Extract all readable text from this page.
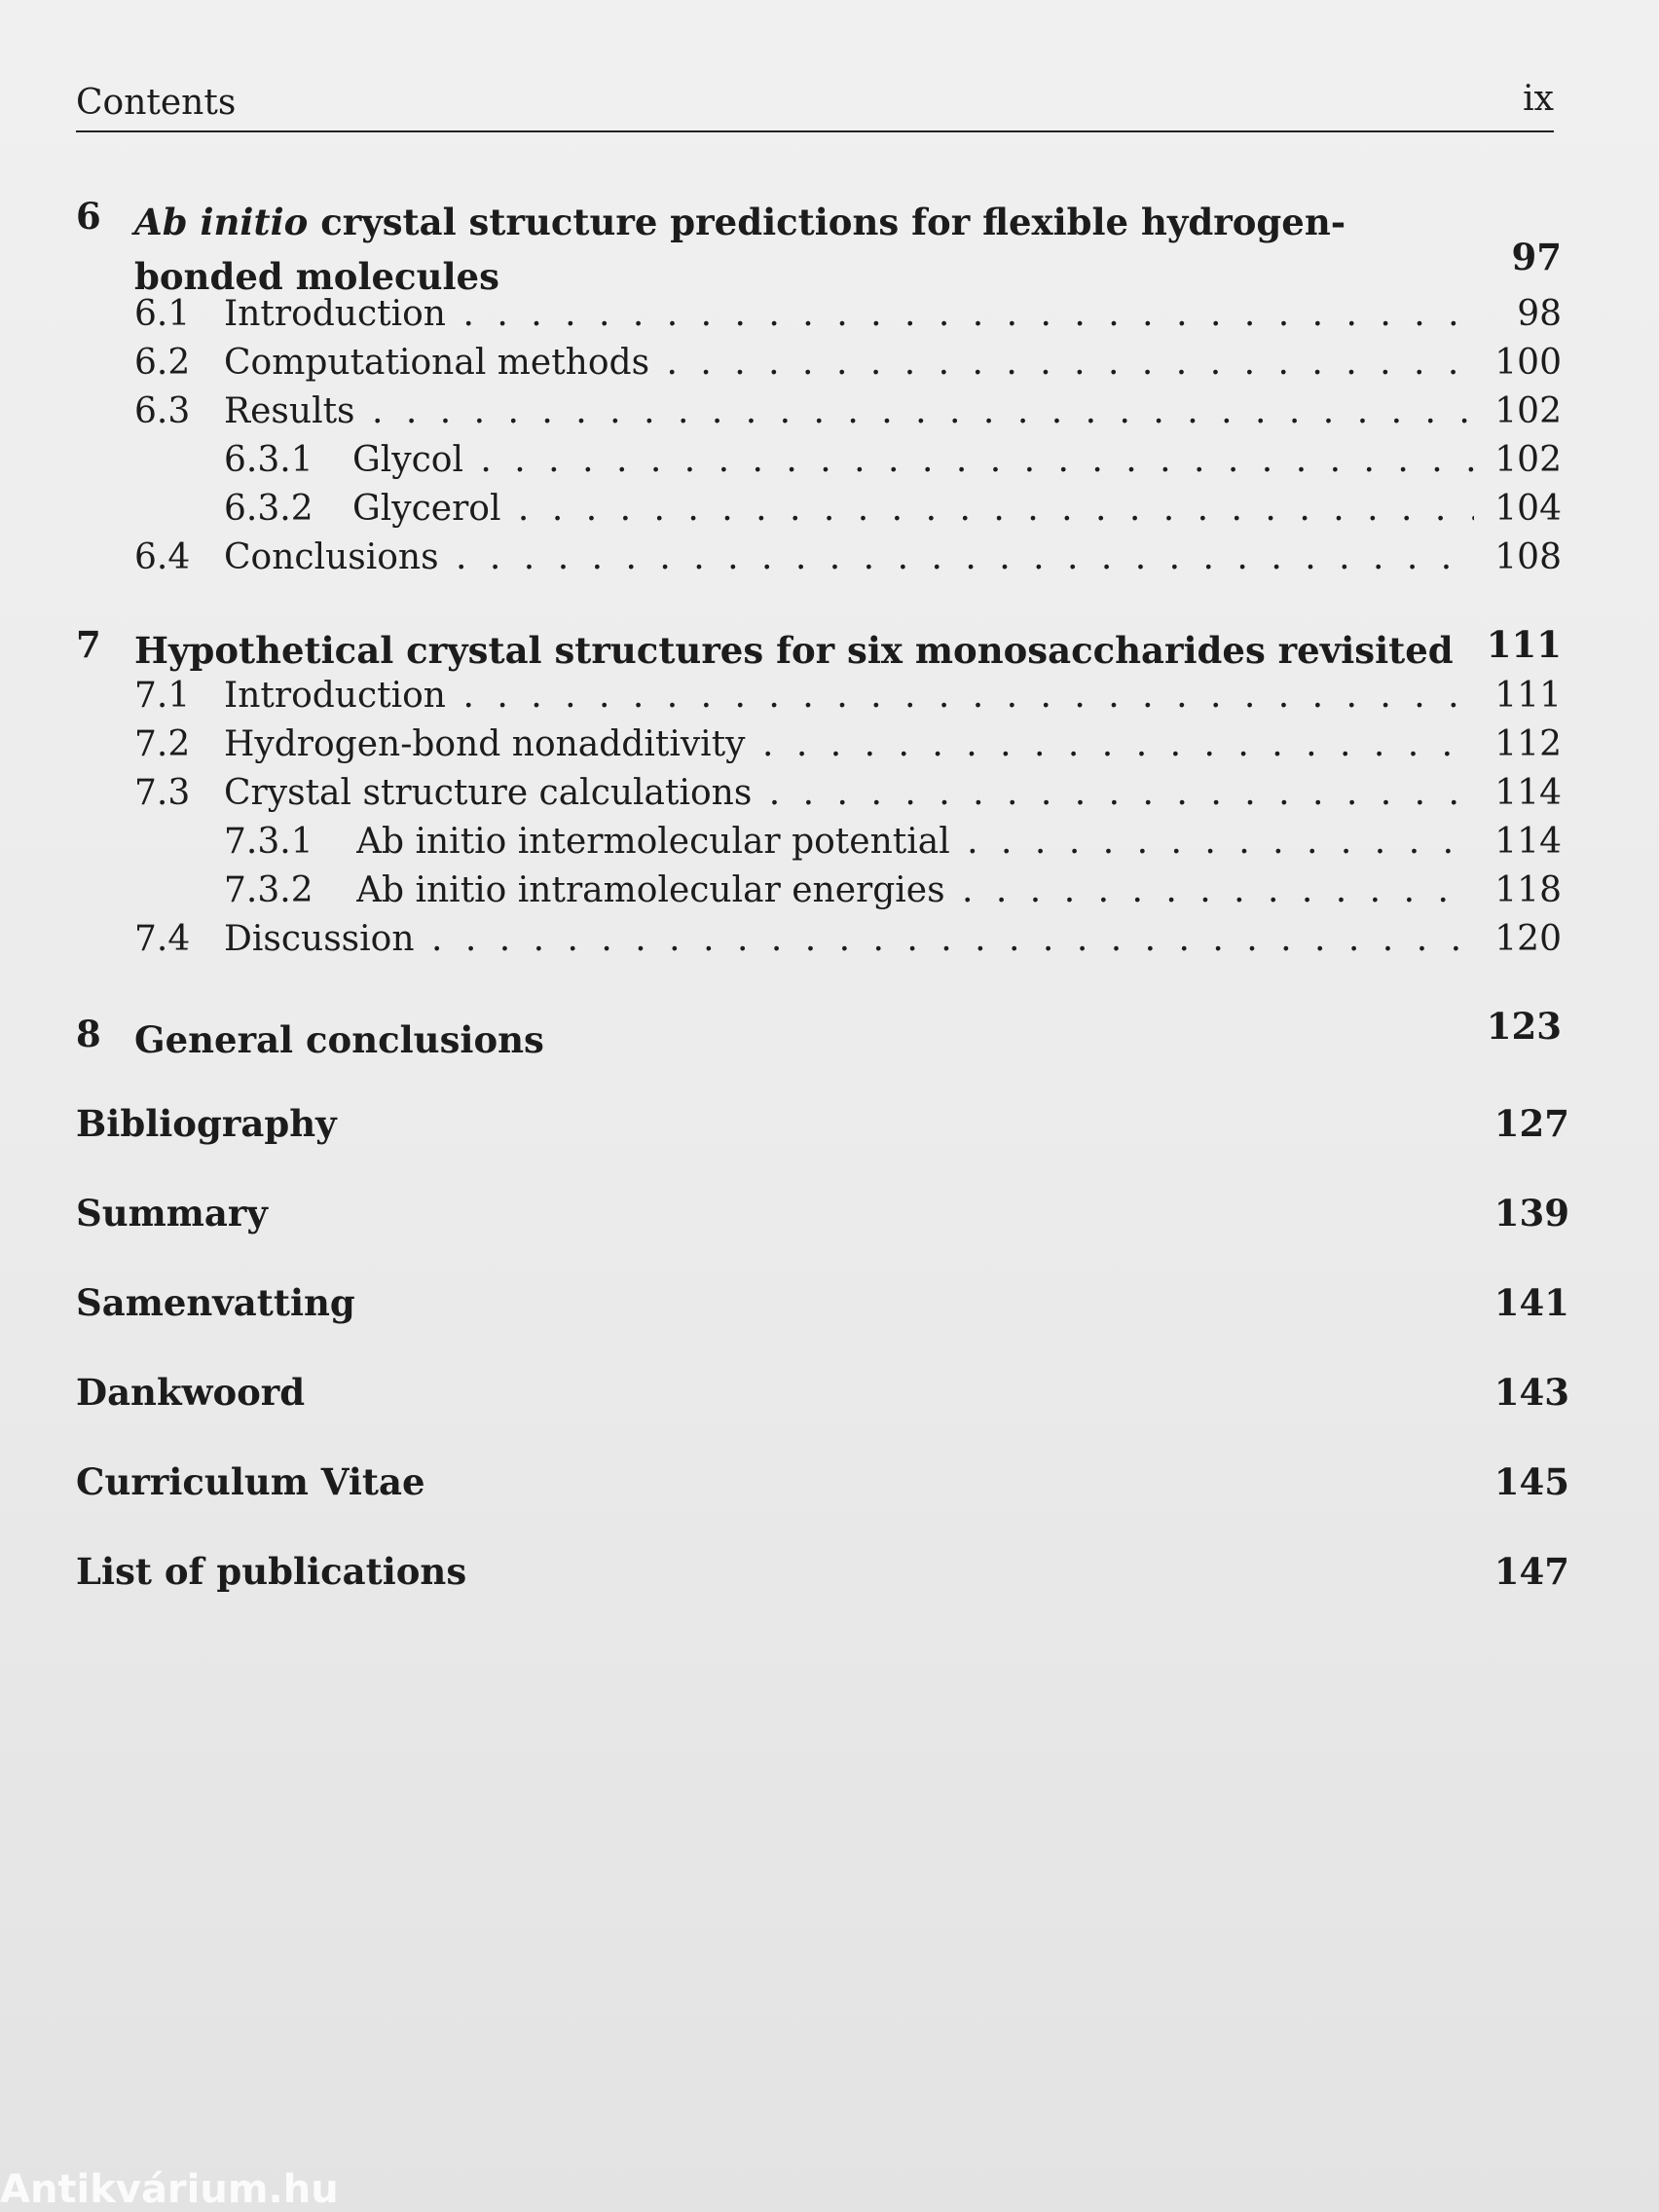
Contents	ix
6 Ab initio crystal structure predictions for flexible hydrogen-bonded molecules	97
6.1 Introduction . . .	98
6.2 Computational methods . . .	100
6.3 Results . . .	102
6.3.1 Glycol . . .	102
6.3.2 Glycerol . . .	104
6.4 Conclusions . . .	108
7 Hypothetical crystal structures for six monosaccharides revisited 111
7.1 Introduction . . .	111
7.2 Hydrogen-bond nonadditivity . . .	112
7.3 Crystal structure calculations . . .	114
7.3.1 Ab initio intermolecular potential . . .	114
7.3.2 Ab initio intramolecular energies . . .	118
7.4 Discussion . . .	120
8 General conclusions	123
Bibliography	127
Summary	139
Samenvatting	141
Dankwoord	143
Curriculum Vitae	145
List of publications	147
Antikvárium.hu
